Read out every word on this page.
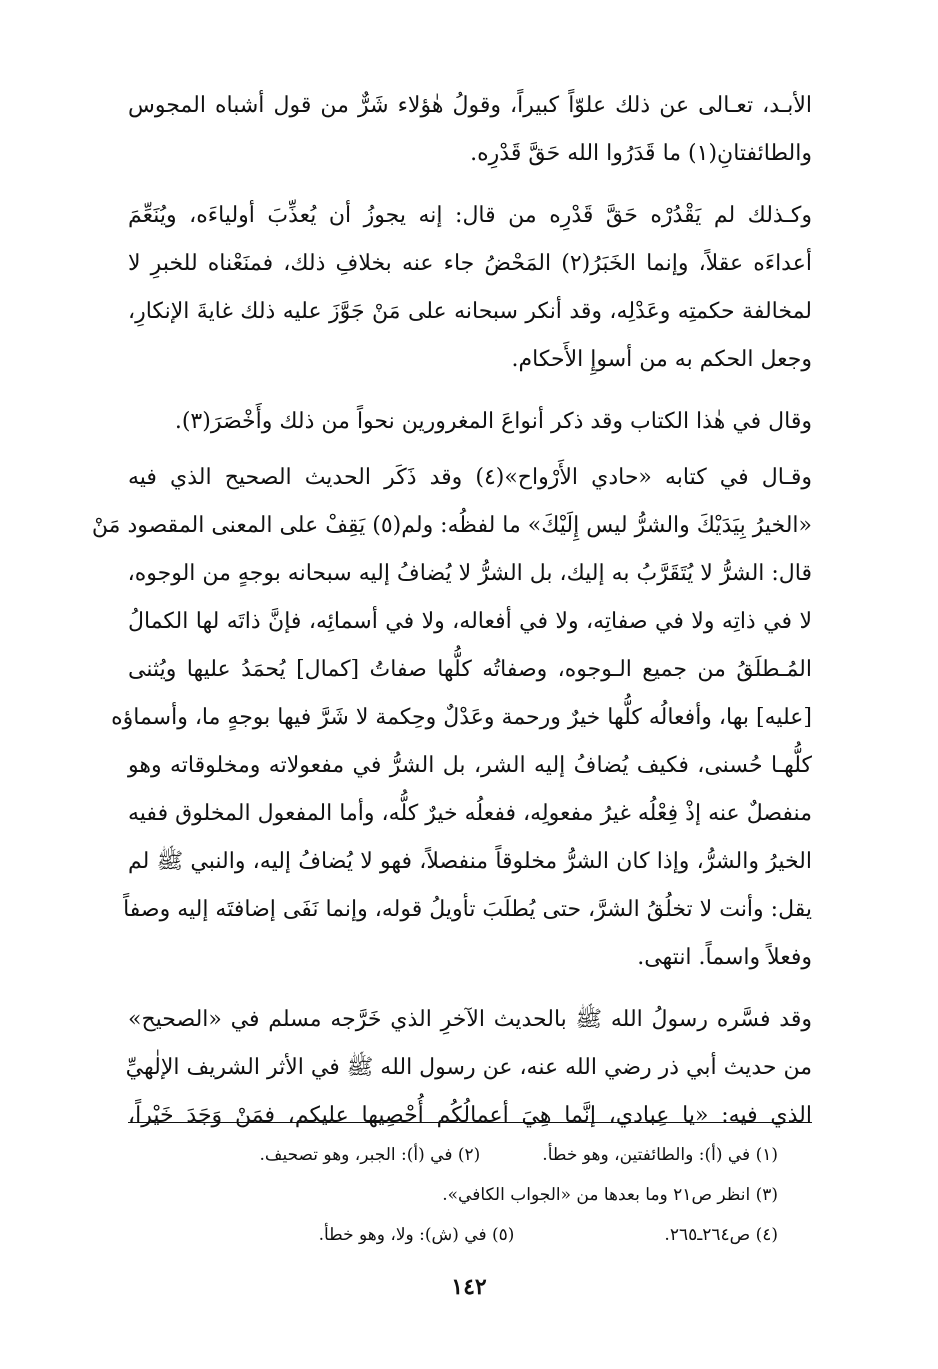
الأبـد، تعـالى عن ذلك علوّاً كبيراً، وقولُ هٰؤلاء شَرٌّ من قول أشباه المجوس
والطائفتانِ(١) ما قَدَرُوا الله حَقَّ قَدْرِه.

وكـذلك لم يَقْدُرْه حَقَّ قَدْرِه من قال: إنه يجوزُ أن يُعذِّبَ أولياءَه، ويُنَعِّمَ
أعداءَه عقلاً، وإنما الخَبَرُ(٢) المَحْضُ جاء عنه بخلافِ ذلك، فمنَعْناه للخبرِ لا
لمخالفة حكمتِه وعَدْلِه، وقد أنكر سبحانه على مَنْ جَوَّزَ عليه ذلك غايةَ الإنكارِ،
وجعل الحكم به من أسوإِ الأَحكام.

وقال في هٰذا الكتاب وقد ذكر أنواعَ المغرورين نحواً من ذلك وأَخْصَرَ(٣).

وقـال في كتابه «حادي الأَرْواح»(٤) وقد ذَكَر الحديث الصحيح الذي فيه
«الخيرُ بِيَدَيْكَ والشرُّ ليس إِلَيْكَ» ما لفظُه: ولم(٥) يَقِفْ على المعنى المقصود مَنْ
قال: الشرُّ لا يُتَقَرَّبُ به إليك، بل الشرُّ لا يُضافُ إليه سبحانه بوجهٍ من الوجوه،
لا في ذاتِه ولا في صفاتِه، ولا في أفعاله، ولا في أسمائِه، فإنَّ ذاتَه لها الكمالُ
المُـطلَقُ من جميع الـوجوه، وصفاتُه كلُّها صفاتُ [كمال] يُحمَدُ عليها ويُثنى
[عليه] بها، وأفعالُه كلُّها خيرٌ ورحمة وعَدْلٌ وحِكمة لا شَرَّ فيها بوجهٍ ما، وأسماؤه
كلُّهـا حُسنى، فكيف يُضافُ إليه الشر، بل الشرُّ في مفعولاته ومخلوقاته وهو
منفصلٌ عنه إذْ فِعْلُه غيرُ مفعولِه، ففعلُه خيرٌ كلُّه، وأما المفعول المخلوق ففيه
الخيرُ والشرُّ، وإذا كان الشرُّ مخلوقاً منفصلاً، فهو لا يُضافُ إليه، والنبي ﷺ لم
يقل: وأنت لا تخلُقُ الشرَّ، حتى يُطلَبَ تأويلُ قوله، وإنما نَفَى إضافتَه إليه وصفاً
وفعلاً واسماً. انتهى.

وقد فسَّره رسولُ الله ﷺ بالحديث الآخرِ الذي خَرَّجه مسلم في «الصحيح»
من حديث أبي ذر رضي الله عنه، عن رسول الله ﷺ في الأثر الشريف الإلٰهيِّ
الذي فيه: «يا عِبادي، إنَّما هِيَ أعمالُكُم أُحْصِيها عليكم، فمَنْ وَجَدَ خَيْراً،

(١) في (أ): والطائفتين، وهو خطأ.
(٢) في (أ): الجبر، وهو تصحيف.
(٣) انظر ص٢١ وما بعدها من «الجواب الكافي».
(٤) ص٢٦٤ـ٢٦٥.
(٥) في (ش): ولا، وهو خطأ.
١٤٢
